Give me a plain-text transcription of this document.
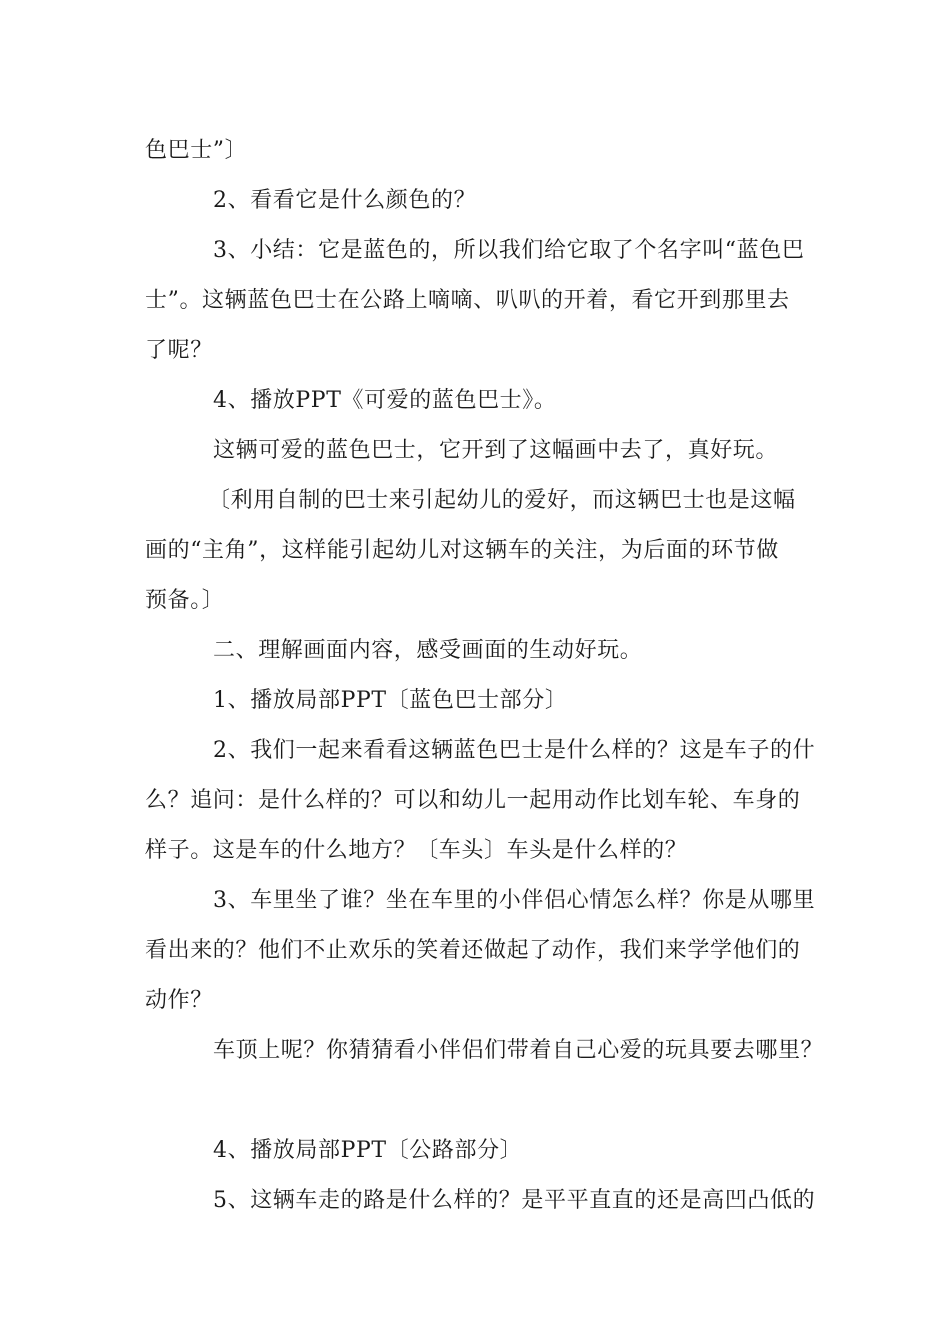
色巴士”〕

2、看看它是什么颜色的？

3、小结：它是蓝色的，所以我们给它取了个名字叫“蓝色巴

士”。这辆蓝色巴士在公路上嘀嘀、叭叭的开着，看它开到那里去

了呢？

4、播放PPT《可爱的蓝色巴士》。

这辆可爱的蓝色巴士，它开到了这幅画中去了，真好玩。

〔利用自制的巴士来引起幼儿的爱好，而这辆巴士也是这幅

画的“主角”，这样能引起幼儿对这辆车的关注，为后面的环节做

预备。〕

二、理解画面内容，感受画面的生动好玩。

1、播放局部PPT〔蓝色巴士部分〕

2、我们一起来看看这辆蓝色巴士是什么样的？这是车子的什

么？追问：是什么样的？可以和幼儿一起用动作比划车轮、车身的

样子。这是车的什么地方？〔车头〕车头是什么样的？

3、车里坐了谁？坐在车里的小伴侣心情怎么样？你是从哪里

看出来的？他们不止欢乐的笑着还做起了动作，我们来学学他们的

动作？

车顶上呢？你猜猜看小伴侣们带着自己心爱的玩具要去哪里？

4、播放局部PPT〔公路部分〕

5、这辆车走的路是什么样的？是平平直直的还是高凹凸低的
